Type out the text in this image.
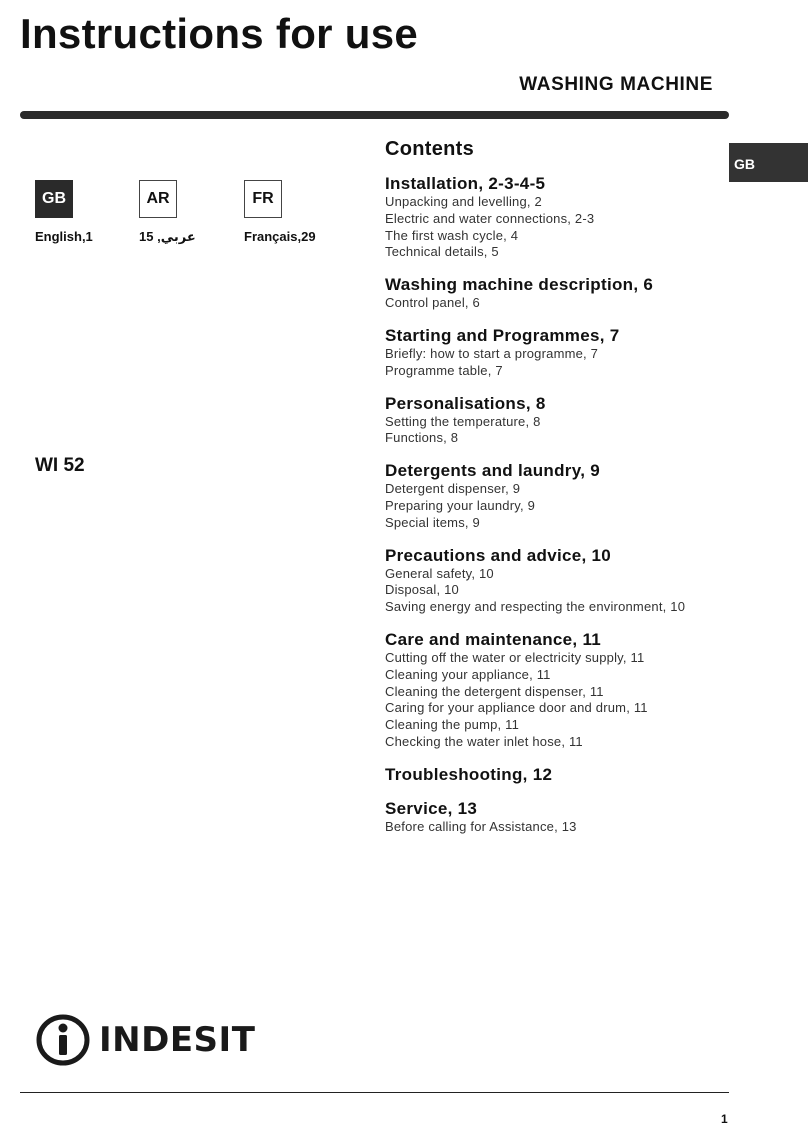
Instructions for use
WASHING MACHINE
GB
GB
English,1
AR
عربي, 15
FR
Français,29
WI 52
Contents
Installation, 2-3-4-5
Unpacking and levelling, 2
Electric and water connections, 2-3
The first wash cycle, 4
Technical details, 5
Washing machine description, 6
Control panel, 6
Starting and Programmes, 7
Briefly: how to start a programme, 7
Programme table, 7
Personalisations, 8
Setting the temperature, 8
Functions, 8
Detergents and laundry, 9
Detergent dispenser, 9
Preparing your laundry, 9
Special items, 9
Precautions and advice, 10
General safety, 10
Disposal, 10
Saving energy and respecting the environment, 10
Care and maintenance, 11
Cutting off the water or electricity supply, 11
Cleaning your appliance, 11
Cleaning the detergent dispenser, 11
Caring for your appliance door and drum, 11
Cleaning the pump, 11
Checking the water inlet hose, 11
Troubleshooting, 12
Service, 13
Before calling for Assistance, 13
INDESIT
1
